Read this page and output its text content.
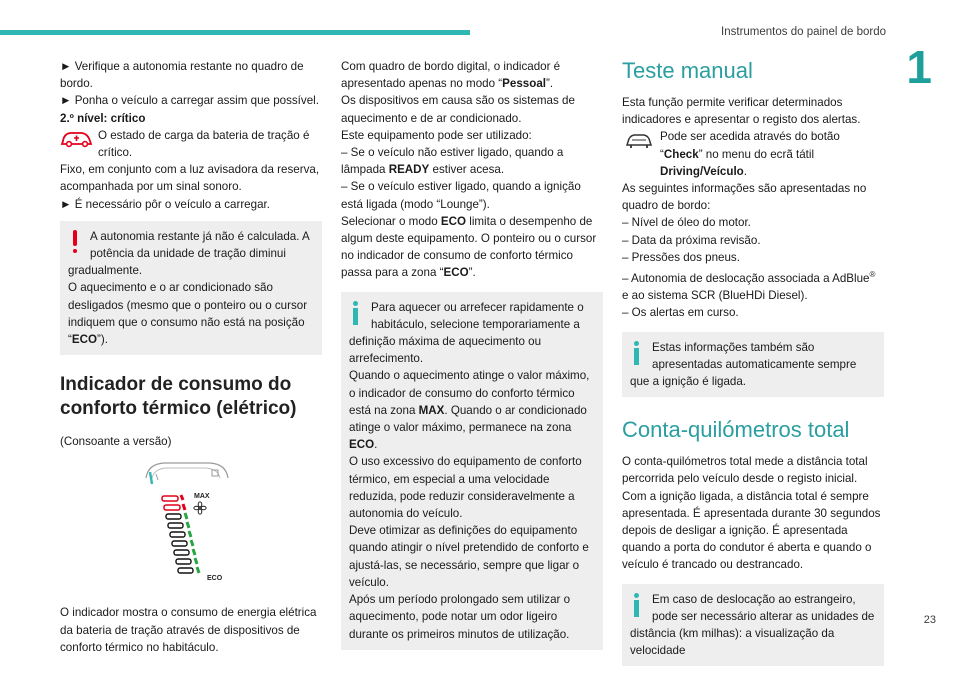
Instrumentos do painel de bordo
1

► Verifique a autonomia restante no quadro de bordo.

► Ponha o veículo a carregar assim que possível.

2.º nível: crítico

O estado de carga da bateria de tração é crítico.

Fixo, em conjunto com a luz avisadora da reserva, acompanhada por um sinal sonoro.

► É necessário pôr o veículo a carregar.

A autonomia restante já não é calculada. A potência da unidade de tração diminui gradualmente.

O aquecimento e o ar condicionado são desligados (mesmo que o ponteiro ou o cursor indiquem que o consumo não está na posição “ECO”).

Indicador de consumo do conforto térmico (elétrico)

(Consoante a versão)

MAX
ECO

O indicador mostra o consumo de energia elétrica da bateria de tração através de dispositivos de conforto térmico no habitáculo.

Com quadro de bordo digital, o indicador é apresentado apenas no modo “Pessoal”.

Os dispositivos em causa são os sistemas de aquecimento e de ar condicionado.

Este equipamento pode ser utilizado:

– Se o veículo não estiver ligado, quando a lâmpada READY estiver acesa.

– Se o veículo estiver ligado, quando a ignição está ligada (modo “Lounge”).

Selecionar o modo ECO limita o desempenho de algum deste equipamento. O ponteiro ou o cursor no indicador de consumo de conforto térmico passa para a zona “ECO”.

Para aquecer ou arrefecer rapidamente o habitáculo, selecione temporariamente a definição máxima de aquecimento ou arrefecimento.

Quando o aquecimento atinge o valor máximo, o indicador de consumo do conforto térmico está na zona MAX. Quando o ar condicionado atinge o valor máximo, permanece na zona ECO.

O uso excessivo do equipamento de conforto térmico, em especial a uma velocidade reduzida, pode reduzir consideravelmente a autonomia do veículo.

Deve otimizar as definições do equipamento quando atingir o nível pretendido de conforto e ajustá-las, se necessário, sempre que ligar o veículo.

Após um período prolongado sem utilizar o aquecimento, pode notar um odor ligeiro durante os primeiros minutos de utilização.

Teste manual

Esta função permite verificar determinados indicadores e apresentar o registo dos alertas.

Pode ser acedida através do botão “Check” no menu do ecrã tátil Driving/Veículo.

As seguintes informações são apresentadas no quadro de bordo:

– Nível de óleo do motor.

– Data da próxima revisão.

– Pressões dos pneus.

– Autonomia de deslocação associada a AdBlue® e ao sistema SCR (BlueHDi Diesel).

– Os alertas em curso.

Estas informações também são apresentadas automaticamente sempre que a ignição é ligada.

Conta-quilómetros total

O conta-quilómetros total mede a distância total percorrida pelo veículo desde o registo inicial.

Com a ignição ligada, a distância total é sempre apresentada. É apresentada durante 30 segundos depois de desligar a ignição. É apresentada quando a porta do condutor é aberta e quando o veículo é trancado ou destrancado.

Em caso de deslocação ao estrangeiro, pode ser necessário alterar as unidades de distância (km milhas): a visualização da velocidade

23
